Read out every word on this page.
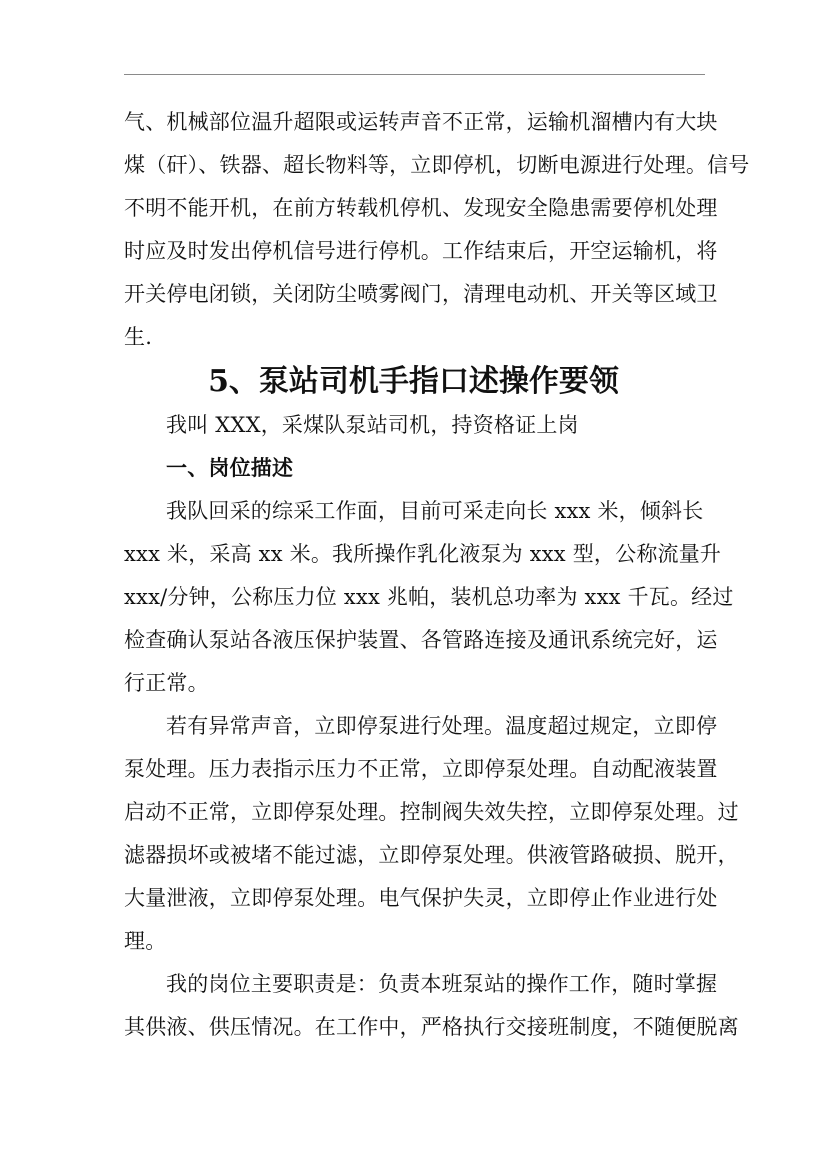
气、机械部位温升超限或运转声音不正常，运输机溜槽内有大块
煤（矸）、铁器、超长物料等，立即停机，切断电源进行处理。信号
不明不能开机，在前方转载机停机、发现安全隐患需要停机处理
时应及时发出停机信号进行停机。工作结束后，开空运输机，将
开关停电闭锁，关闭防尘喷雾阀门，清理电动机、开关等区域卫
生.
5、泵站司机手指口述操作要领
我叫 XXX，采煤队泵站司机，持资格证上岗
一、岗位描述
我队回采的综采工作面，目前可采走向长 xxx 米，倾斜长
xxx 米，采高 xx 米。我所操作乳化液泵为 xxx 型，公称流量升
xxx/分钟，公称压力位 xxx 兆帕，装机总功率为 xxx 千瓦。经过
检查确认泵站各液压保护装置、各管路连接及通讯系统完好，运
行正常。
若有异常声音，立即停泵进行处理。温度超过规定，立即停
泵处理。压力表指示压力不正常，立即停泵处理。自动配液装置
启动不正常，立即停泵处理。控制阀失效失控，立即停泵处理。过
滤器损坏或被堵不能过滤，立即停泵处理。供液管路破损、脱开，
大量泄液，立即停泵处理。电气保护失灵，立即停止作业进行处
理。
我的岗位主要职责是：负责本班泵站的操作工作，随时掌握
其供液、供压情况。在工作中，严格执行交接班制度，不随便脱离
